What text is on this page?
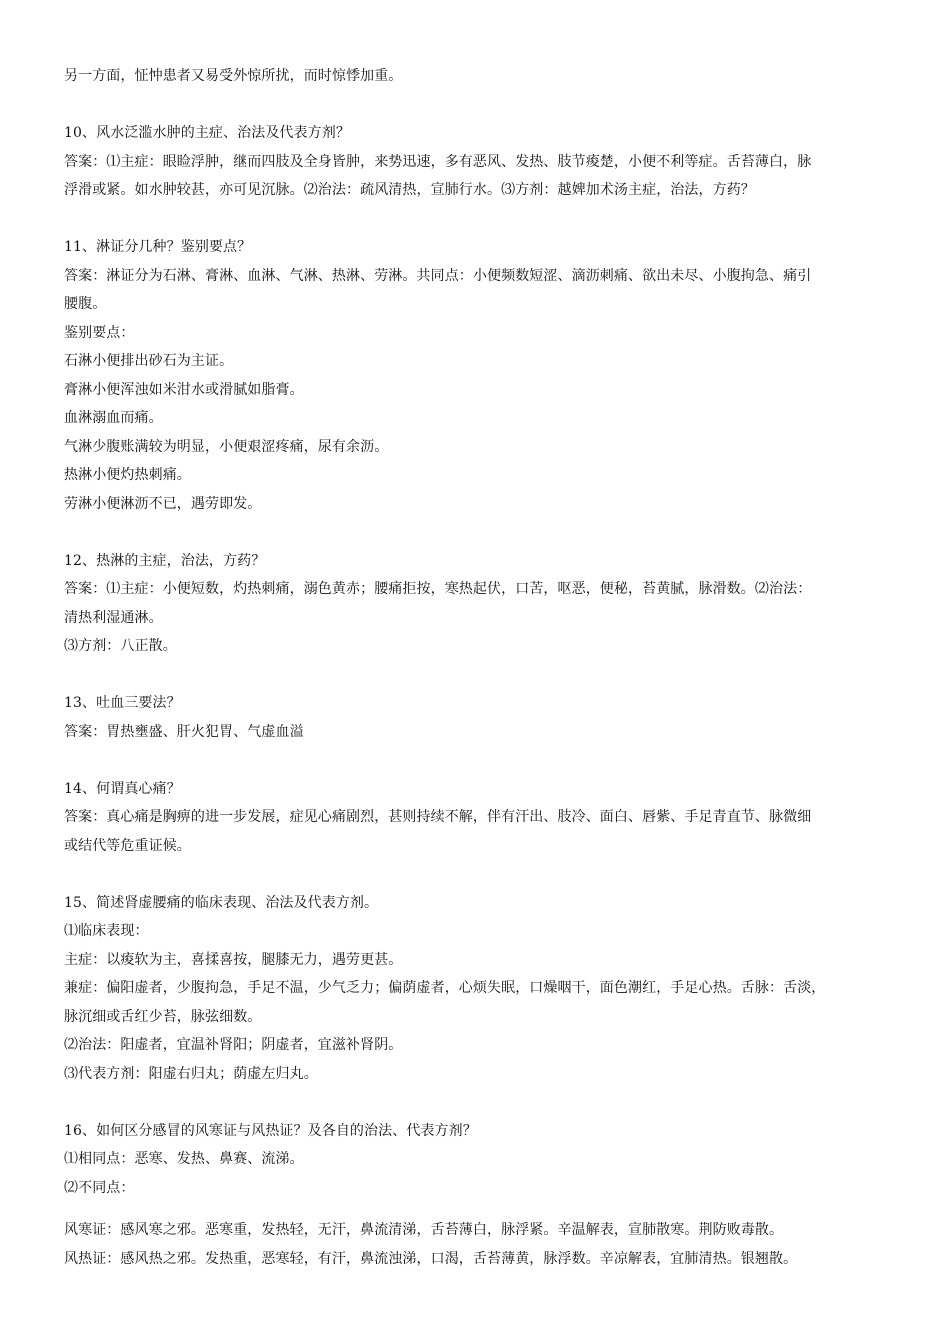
另一方面，怔忡患者又易受外惊所扰，而时惊悸加重。
10、风水泛滥水肿的主症、治法及代表方剂？
答案：⑴主症：眼睑浮肿，继而四肢及全身皆肿，来势迅速，多有恶风、发热、肢节痠楚，小便不利等症。舌苔薄白，脉
浮滑或紧。如水肿较甚，亦可见沉脉。⑵治法：疏风清热，宣肺行水。⑶方剂：越婢加术汤主症，治法，方药？
11、淋证分几种？鉴别要点？
答案：淋证分为石淋、膏淋、血淋、气淋、热淋、劳淋。共同点：小便频数短涩、滴沥刺痛、欲出未尽、小腹拘急、痛引
腰腹。
鉴别要点：
石淋小便排出砂石为主证。
膏淋小便浑浊如米泔水或滑腻如脂膏。
血淋溺血而痛。
气淋少腹账满较为明显，小便艰涩疼痛，尿有余沥。
热淋小便灼热刺痛。
劳淋小便淋沥不已，遇劳即发。
12、热淋的主症，治法，方药？
答案：⑴主症：小便短数，灼热刺痛，溺色黄赤；腰痛拒按，寒热起伏，口苦，呕恶，便秘，苔黄腻，脉滑数。⑵治法：
清热利湿通淋。
⑶方剂：八正散。
13、吐血三要法？
答案：胃热壅盛、肝火犯胃、气虚血溢
14、何谓真心痛？
答案：真心痛是胸痹的进一步发展，症见心痛剧烈，甚则持续不解，伴有汗出、肢冷、面白、唇紫、手足青直节、脉微细
或结代等危重证候。
15、简述肾虚腰痛的临床表现、治法及代表方剂。
⑴临床表现：
主症：以痠软为主，喜揉喜按，腿膝无力，遇劳更甚。
兼症：偏阳虚者，少腹拘急，手足不温，少气乏力；偏荫虚者，心烦失眠，口燥咽干，面色潮红，手足心热。舌脉：舌淡，
脉沉细或舌红少苔，脉弦细数。
⑵治法：阳虚者，宜温补肾阳；阴虚者，宜滋补肾阴。
⑶代表方剂：阳虚右归丸；荫虚左归丸。
16、如何区分感冒的风寒证与风热证？及各自的治法、代表方剂？
⑴相同点：恶寒、发热、鼻赛、流涕。
⑵不同点：
风寒证：感风寒之邪。恶寒重，发热轻，无汗，鼻流清涕，舌苔薄白，脉浮紧。辛温解表，宣肺散寒。荆防败毒散。
风热证：感风热之邪。发热重，恶寒轻，有汗，鼻流浊涕，口渴，舌苔薄黄，脉浮数。辛凉解表，宜肺清热。银翘散。
